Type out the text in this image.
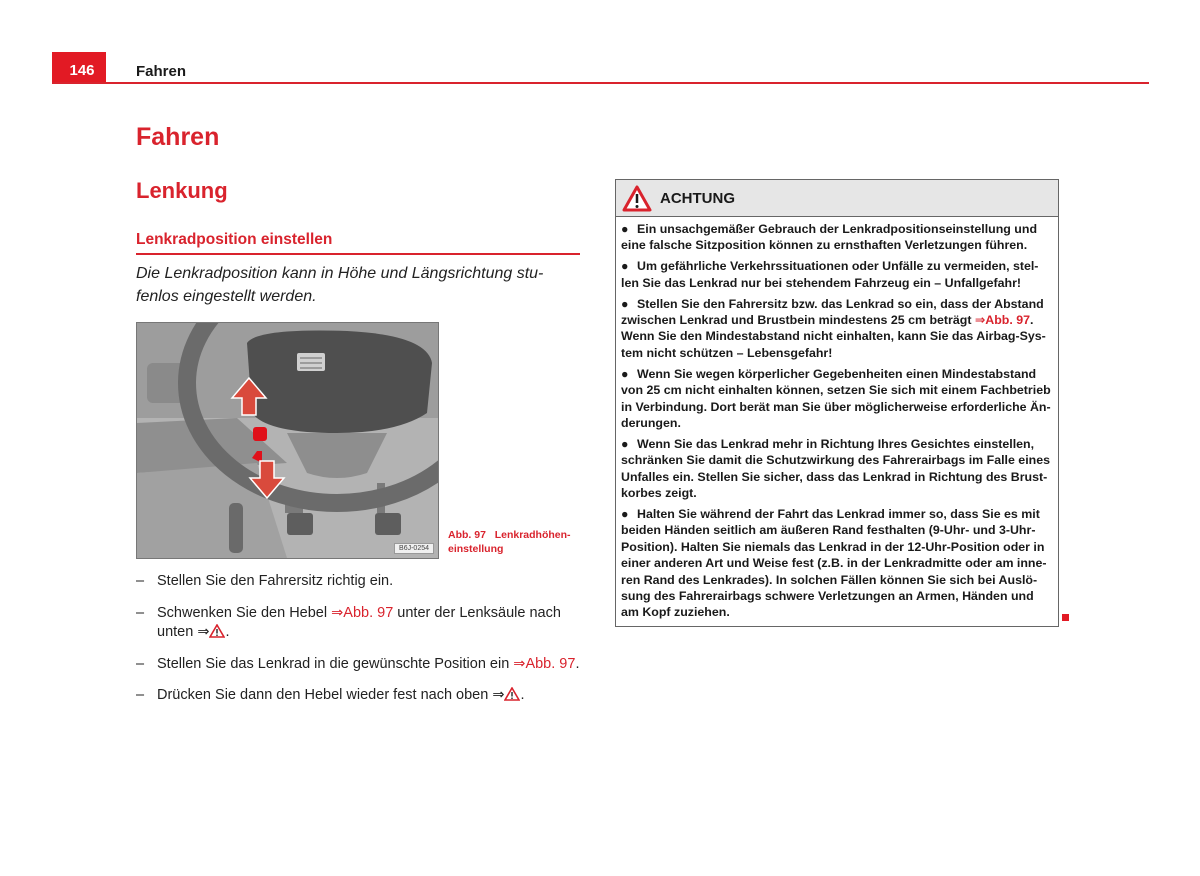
146	Fahren
Fahren
Lenkung
Lenkradposition einstellen
Die Lenkradposition kann in Höhe und Längsrichtung stu-fenlos eingestellt werden.
B6J-0254
Abb. 97 Lenkradhöhen-einstellung
– Stellen Sie den Fahrersitz richtig ein.
– Schwenken Sie den Hebel ⇒Abb. 97 unter der Lenksäule nach unten ⇒ .
– Stellen Sie das Lenkrad in die gewünschte Position ein ⇒Abb. 97.
– Drücken Sie dann den Hebel wieder fest nach oben ⇒ .
ACHTUNG
● Ein unsachgemäßer Gebrauch der Lenkradpositionseinstellung und eine falsche Sitzposition können zu ernsthaften Verletzungen führen.
● Um gefährliche Verkehrssituationen oder Unfälle zu vermeiden, stel-len Sie das Lenkrad nur bei stehendem Fahrzeug ein – Unfallgefahr!
● Stellen Sie den Fahrersitz bzw. das Lenkrad so ein, dass der Abstand zwischen Lenkrad und Brustbein mindestens 25 cm beträgt ⇒Abb. 97. Wenn Sie den Mindestabstand nicht einhalten, kann Sie das Airbag-Sys-tem nicht schützen – Lebensgefahr!
● Wenn Sie wegen körperlicher Gegebenheiten einen Mindestabstand von 25 cm nicht einhalten können, setzen Sie sich mit einem Fachbetrieb in Verbindung. Dort berät man Sie über möglicherweise erforderliche Än-derungen.
● Wenn Sie das Lenkrad mehr in Richtung Ihres Gesichtes einstellen, schränken Sie damit die Schutzwirkung des Fahrerairbags im Falle eines Unfalles ein. Stellen Sie sicher, dass das Lenkrad in Richtung des Brust-korbes zeigt.
● Halten Sie während der Fahrt das Lenkrad immer so, dass Sie es mit beiden Händen seitlich am äußeren Rand festhalten (9-Uhr- und 3-Uhr-Position). Halten Sie niemals das Lenkrad in der 12-Uhr-Position oder in einer anderen Art und Weise fest (z.B. in der Lenkradmitte oder am inne-ren Rand des Lenkrades). In solchen Fällen können Sie sich bei Auslö-sung des Fahrerairbags schwere Verletzungen an Armen, Händen und am Kopf zuziehen.
